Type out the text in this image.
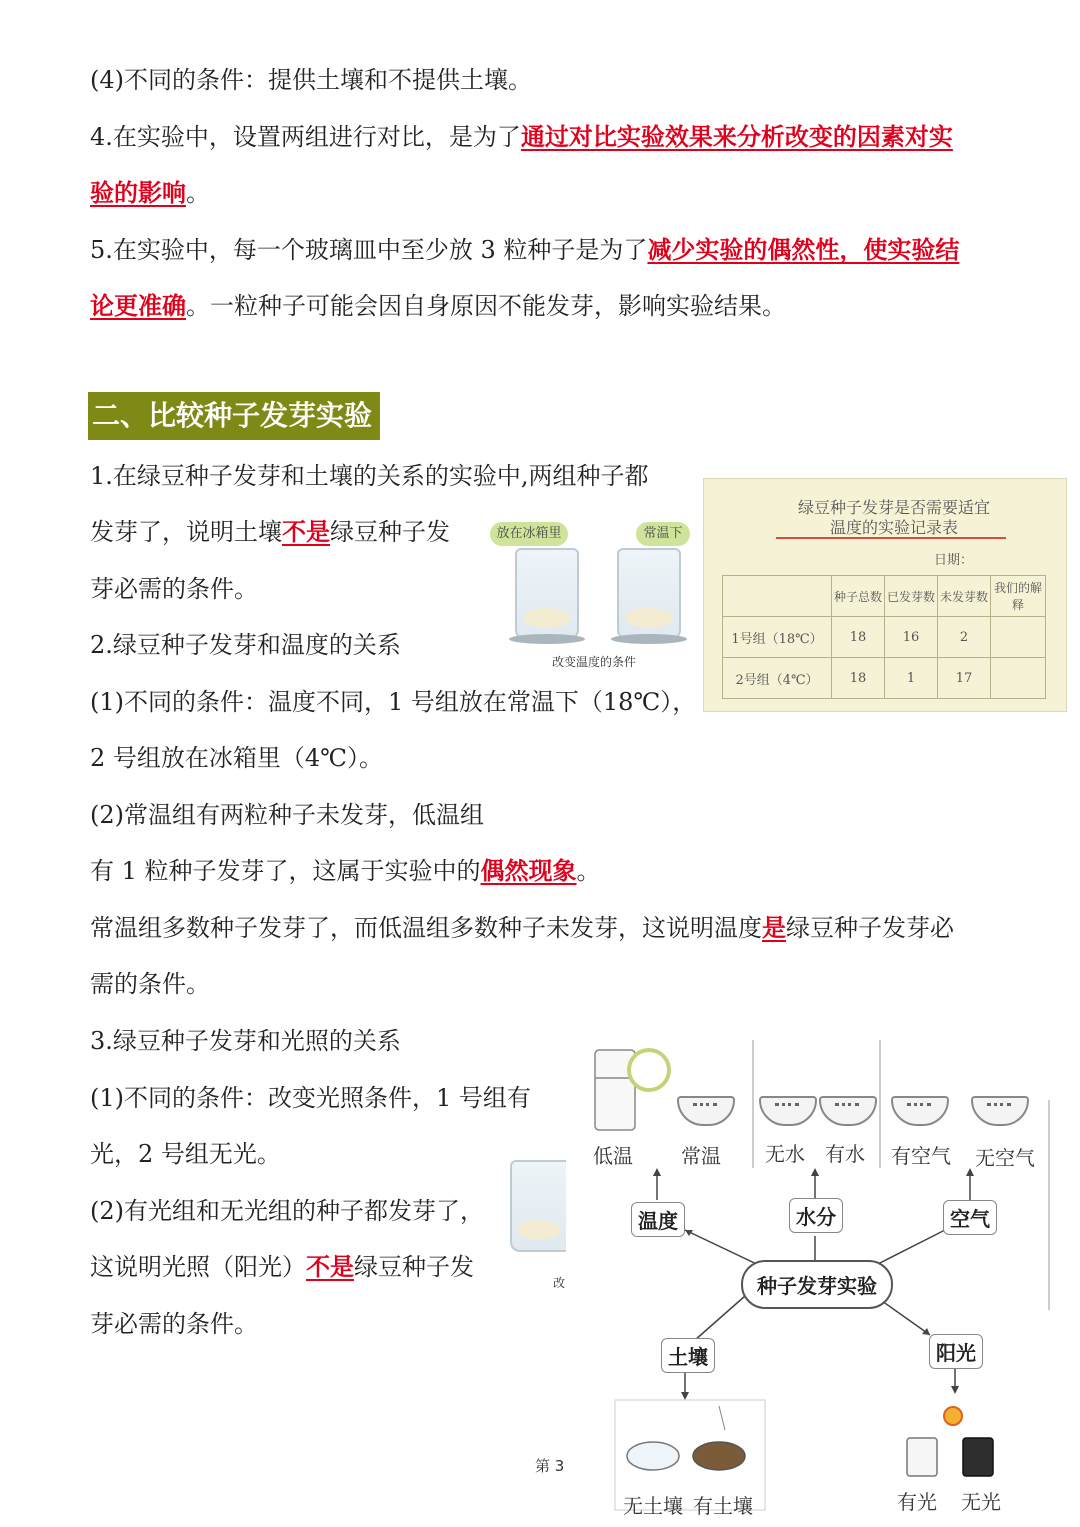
(4)不同的条件：提供土壤和不提供土壤。
4.在实验中，设置两组进行对比，是为了通过对比实验效果来分析改变的因素对实
验的影响。
5.在实验中，每一个玻璃皿中至少放 3 粒种子是为了减少实验的偶然性，使实验结
论更准确。一粒种子可能会因自身原因不能发芽，影响实验结果。
二、比较种子发芽实验
1.在绿豆种子发芽和土壤的关系的实验中,两组种子都
发芽了，说明土壤不是绿豆种子发
芽必需的条件。
2.绿豆种子发芽和温度的关系
(1)不同的条件：温度不同，1 号组放在常温下（18℃），
2 号组放在冰箱里（4℃）。
(2)常温组有两粒种子未发芽，低温组
有 1 粒种子发芽了，这属于实验中的偶然现象。
常温组多数种子发芽了，而低温组多数种子未发芽，这说明温度是绿豆种子发芽必
需的条件。
3.绿豆种子发芽和光照的关系
(1)不同的条件：改变光照条件，1 号组有
光，2 号组无光。
(2)有光组和无光组的种子都发芽了，
这说明光照（阳光）不是绿豆种子发
芽必需的条件。
放在冰箱里	常温下
改变温度的条件
改
绿豆种子发芽是否需要适宜
温度的实验记录表
日期：
	种子总数	已发芽数	未发芽数	我们的解释
1号组（18℃）	18	16	2	
2号组（4℃）	18	1	17	
低温 常温 无水 有水 有空气 无空气
温度	水分	空气
种子发芽实验
土壤	阳光
无土壤 有土壤	有光 无光
第 3
